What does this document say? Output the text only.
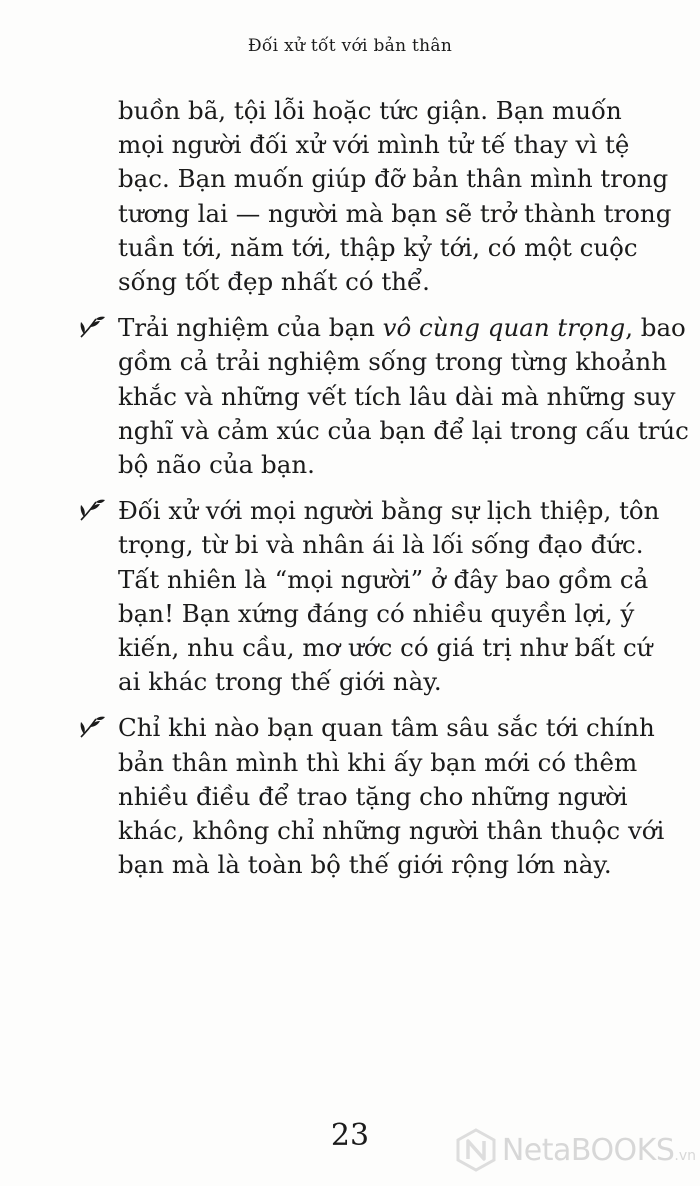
Đối xử tốt với bản thân
buồn bã, tội lỗi hoặc tức giận. Bạn muốn
mọi người đối xử với mình tử tế thay vì tệ
bạc. Bạn muốn giúp đỡ bản thân mình trong
tương lai — người mà bạn sẽ trở thành trong
tuần tới, năm tới, thập kỷ tới, có một cuộc
sống tốt đẹp nhất có thể.
Trải nghiệm của bạn vô cùng quan trọng, bao
gồm cả trải nghiệm sống trong từng khoảnh
khắc và những vết tích lâu dài mà những suy
nghĩ và cảm xúc của bạn để lại trong cấu trúc
bộ não của bạn.
Đối xử với mọi người bằng sự lịch thiệp, tôn
trọng, từ bi và nhân ái là lối sống đạo đức.
Tất nhiên là “mọi người” ở đây bao gồm cả
bạn! Bạn xứng đáng có nhiều quyền lợi, ý
kiến, nhu cầu, mơ ước có giá trị như bất cứ
ai khác trong thế giới này.
Chỉ khi nào bạn quan tâm sâu sắc tới chính
bản thân mình thì khi ấy bạn mới có thêm
nhiều điều để trao tặng cho những người
khác, không chỉ những người thân thuộc với
bạn mà là toàn bộ thế giới rộng lớn này.
23	NetaBOOKS.vn
